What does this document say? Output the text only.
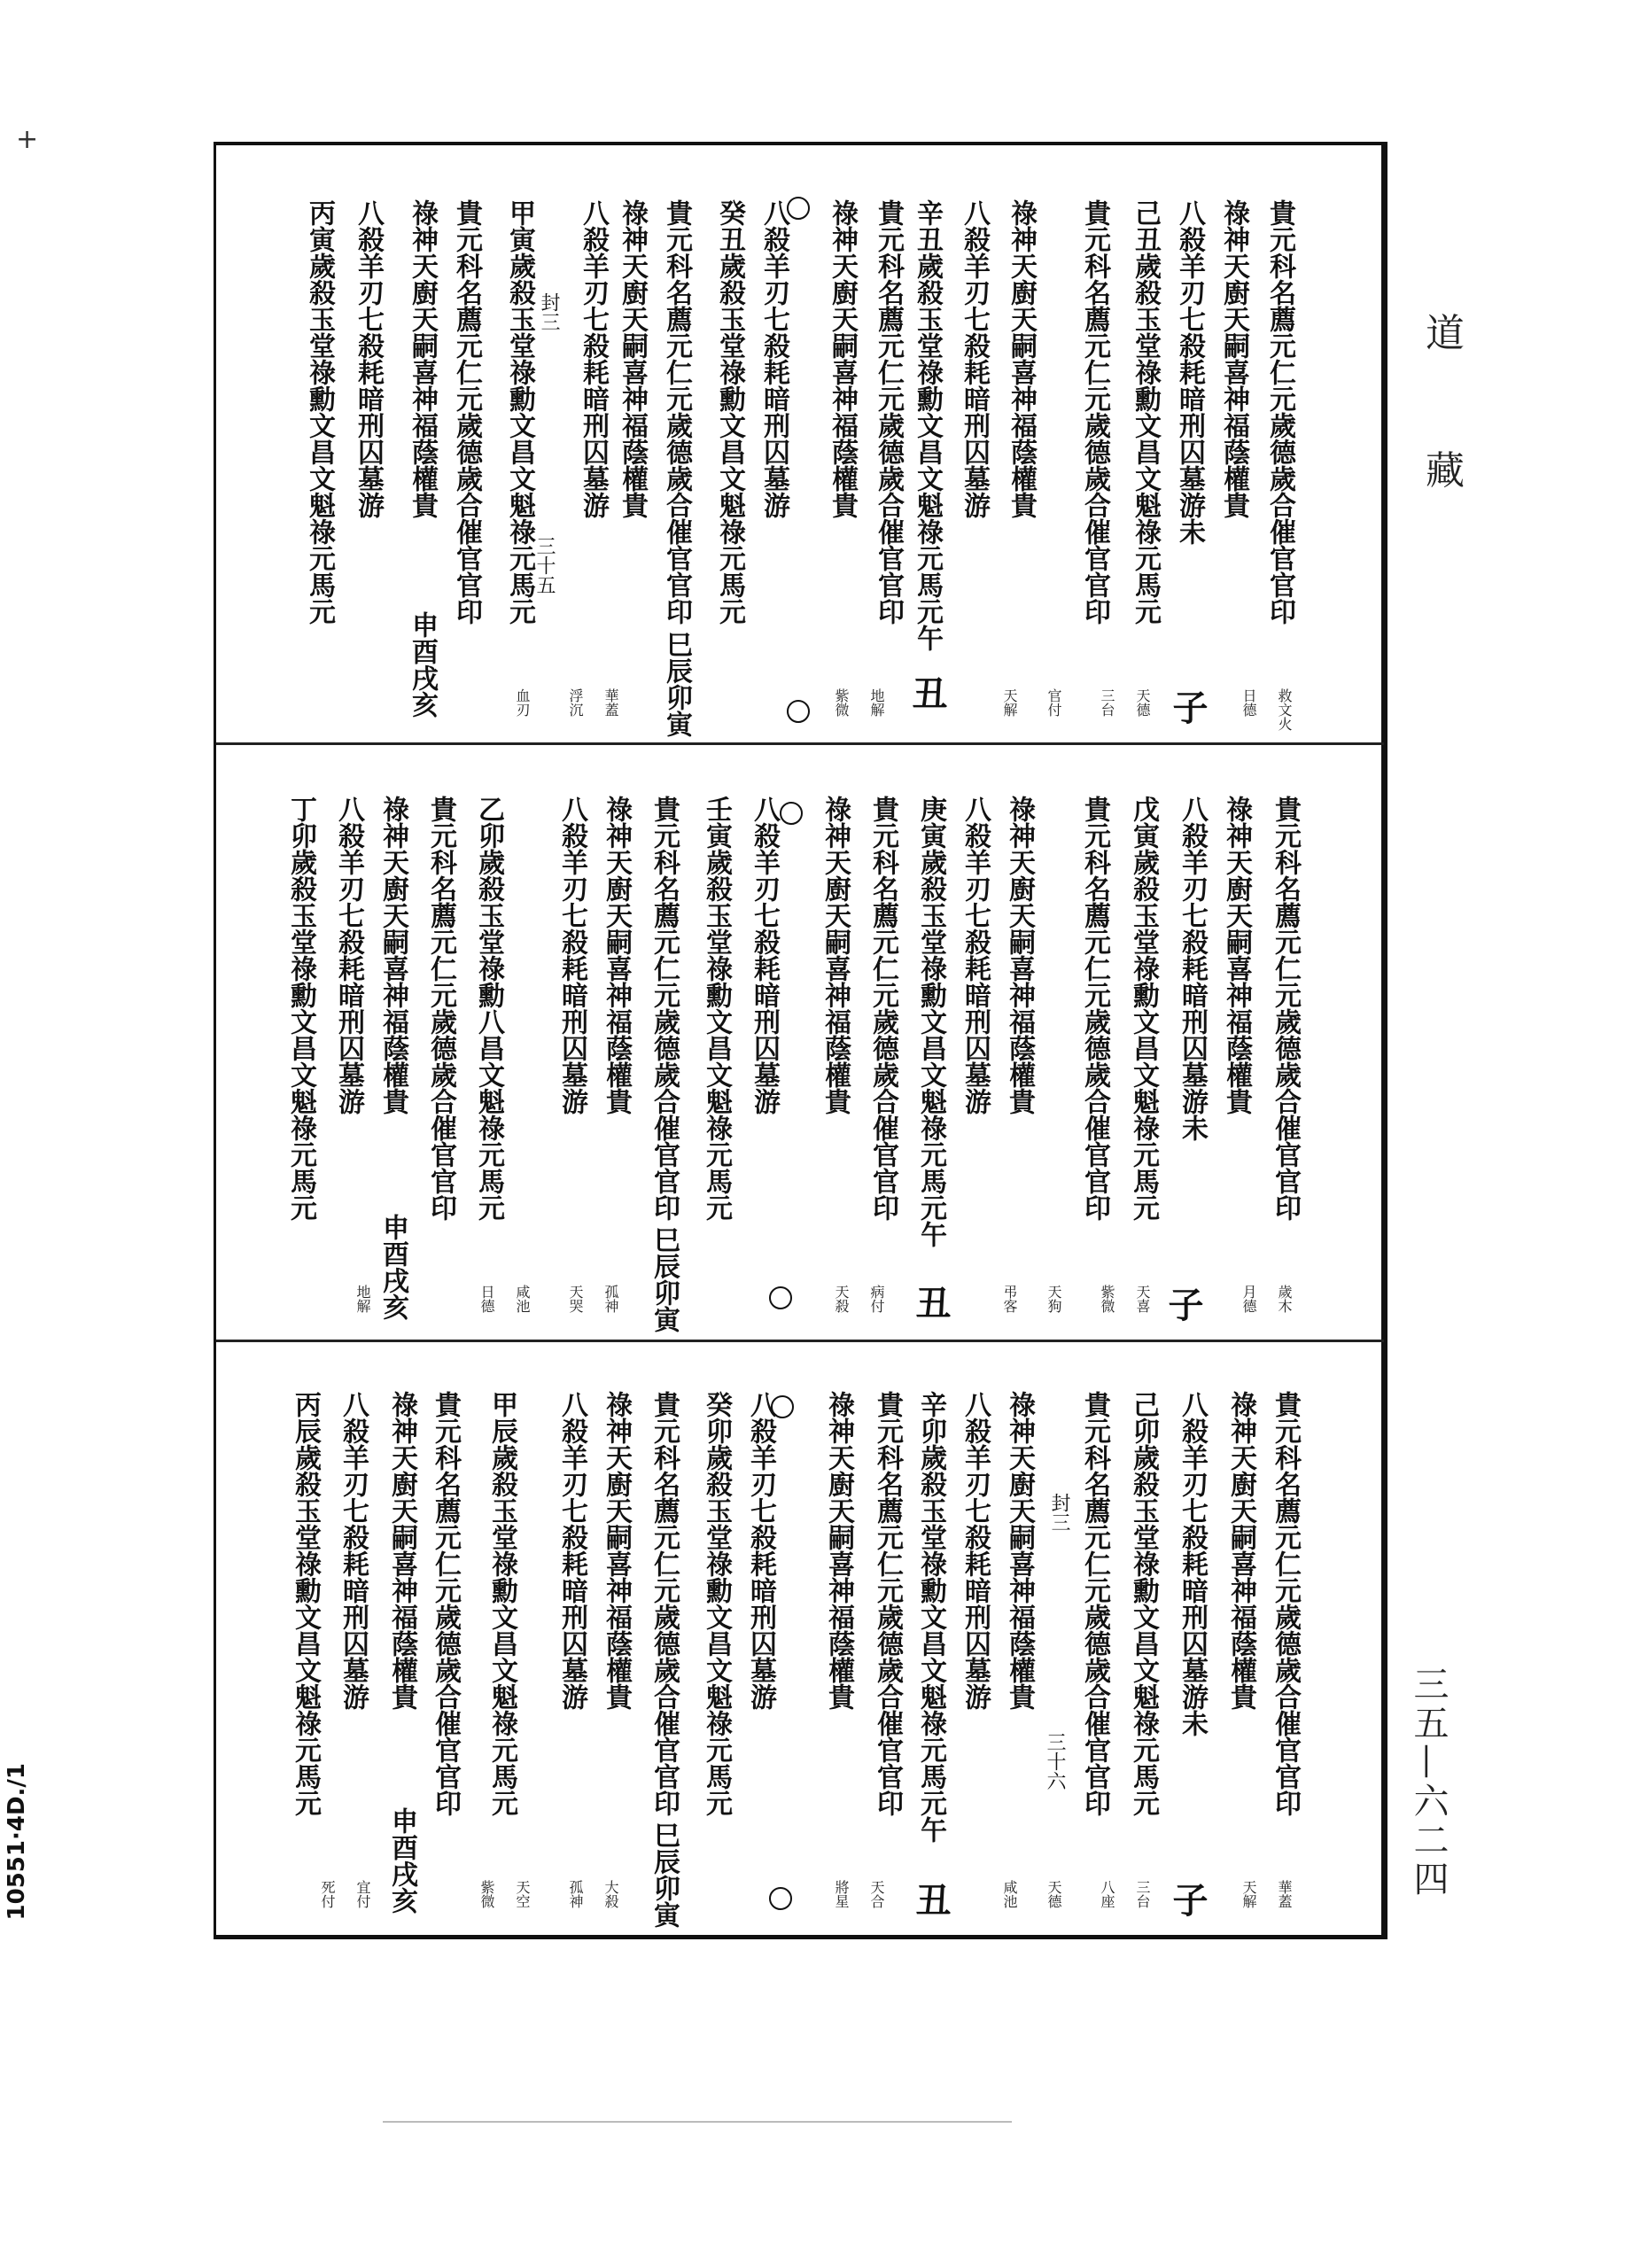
道
藏
三五—六二四
10551·4D./1
+
貴元科名薦元仁元歲德歲合催官官印
祿神天廚天嗣喜神福蔭權貴
八殺羊刃七殺耗暗刑囚墓游未
己丑歲殺玉堂祿勳文昌文魁祿元馬元
貴元科名薦元仁元歲德歲合催官官印
祿神天廚天嗣喜神福蔭權貴
八殺羊刃七殺耗暗刑囚墓游
辛丑歲殺玉堂祿勳文昌文魁祿元馬元午
貴元科名薦元仁元歲德歲合催官官印
祿神天廚天嗣喜神福蔭權貴
八殺羊刃七殺耗暗刑囚墓游
癸丑歲殺玉堂祿勳文昌文魁祿元馬元
貴元科名薦元仁元歲德歲合催官官印
祿神天廚天嗣喜神福蔭權貴
八殺羊刃七殺耗暗刑囚墓游
甲寅歲殺玉堂祿勳文昌文魁祿元馬元
貴元科名薦元仁元歲德歲合催官官印
祿神天廚天嗣喜神福蔭權貴
八殺羊刃七殺耗暗刑囚墓游
丙寅歲殺玉堂祿勳文昌文魁祿元馬元
子
丑
巳辰卯寅
申酉戌亥
封三
三十五
救文火
日德
天德
三台
官付
天解
地解
紫微
華蓋
浮沉
血刃
貴元科名薦元仁元歲德歲合催官官印
祿神天廚天嗣喜神福蔭權貴
八殺羊刃七殺耗暗刑囚墓游未
戊寅歲殺玉堂祿勳文昌文魁祿元馬元
貴元科名薦元仁元歲德歲合催官官印
祿神天廚天嗣喜神福蔭權貴
八殺羊刃七殺耗暗刑囚墓游
庚寅歲殺玉堂祿勳文昌文魁祿元馬元午
貴元科名薦元仁元歲德歲合催官官印
祿神天廚天嗣喜神福蔭權貴
八殺羊刃七殺耗暗刑囚墓游
壬寅歲殺玉堂祿勳文昌文魁祿元馬元
貴元科名薦元仁元歲德歲合催官官印
祿神天廚天嗣喜神福蔭權貴
八殺羊刃七殺耗暗刑囚墓游
乙卯歲殺玉堂祿勳八昌文魁祿元馬元
貴元科名薦元仁元歲德歲合催官官印
祿神天廚天嗣喜神福蔭權貴
八殺羊刃七殺耗暗刑囚墓游
丁卯歲殺玉堂祿勳文昌文魁祿元馬元
子
丑
巳辰卯寅
申酉戌亥	歲木
月德
天喜
紫微
天狗
弔客
病付
天殺
孤神
天哭
咸池
日德
地解
貴元科名薦元仁元歲德歲合催官官印
祿神天廚天嗣喜神福蔭權貴
八殺羊刃七殺耗暗刑囚墓游未
己卯歲殺玉堂祿勳文昌文魁祿元馬元
貴元科名薦元仁元歲德歲合催官官印
祿神天廚天嗣喜神福蔭權貴
八殺羊刃七殺耗暗刑囚墓游
辛卯歲殺玉堂祿勳文昌文魁祿元馬元午
貴元科名薦元仁元歲德歲合催官官印
祿神天廚天嗣喜神福蔭權貴
八殺羊刃七殺耗暗刑囚墓游
癸卯歲殺玉堂祿勳文昌文魁祿元馬元
貴元科名薦元仁元歲德歲合催官官印
祿神天廚天嗣喜神福蔭權貴
八殺羊刃七殺耗暗刑囚墓游
甲辰歲殺玉堂祿勳文昌文魁祿元馬元
貴元科名薦元仁元歲德歲合催官官印
祿神天廚天嗣喜神福蔭權貴
八殺羊刃七殺耗暗刑囚墓游
丙辰歲殺玉堂祿勳文昌文魁祿元馬元
子
丑
巳辰卯寅
申酉戌亥
封三
三十六
華蓋
天解
三台
八座
天德
咸池
天合
將星
大殺
孤神
天空
紫微
宜付
死付
